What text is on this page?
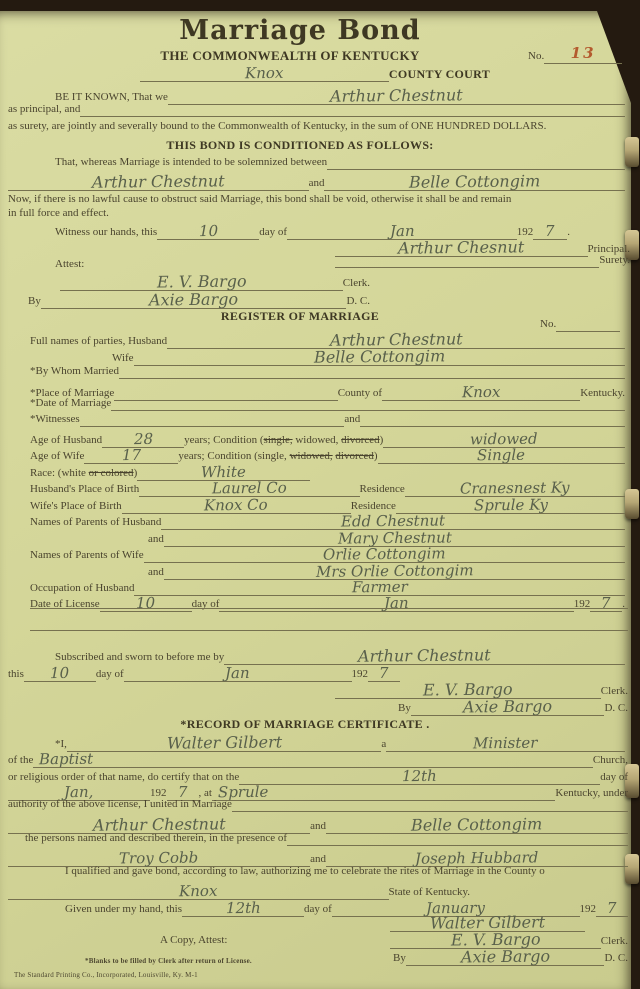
Marriage Bond
THE COMMONWEALTH OF KENTUCKY	No.	13
Knox	COUNTY COURT
BE IT KNOWN, That we	Arthur Chestnut
as principal, and
as surety, are jointly and severally bound to the Commonwealth of Kentucky, in the sum of ONE HUNDRED DOLLARS.
THIS BOND IS CONDITIONED AS FOLLOWS:
That, whereas Marriage is intended to be solemnized between
Arthur Chestnut	and	Belle Cottongim
Now, if there is no lawful cause to obstruct said Marriage, this bond shall be void, otherwise it shall be and remain
in full force and effect.
Witness our hands, this	10	day of	Jan	192 7	.
Arthur Chesnut	Principal.
Attest:	Surety.
E. V. Bargo	Clerk.
By	Axie Bargo	D. C.
REGISTER OF MARRIAGE
No.
Full names of parties, Husband	Arthur Chestnut
Wife	Belle Cottongim
*By Whom Married
*Place of Marriage	County of	Knox	Kentucky.
*Date of Marriage
*Witnesses	and
Age of Husband	28	years; Condition (single, widowed, divorced)	widowed
Age of Wife	17	years; Condition (single, widowed, divorced)	Single
Race: (white or colored)	White
Husband's Place of Birth	Laurel Co	Residence	Cranesnest Ky
Wife's Place of Birth	Knox Co	Residence	Sprule Ky
Names of Parents of Husband	Edd Chestnut
and	Mary Chestnut
Names of Parents of Wife	Orlie Cottongim
and	Mrs Orlie Cottongim
Occupation of Husband	Farmer
Date of License	10	day of	Jan	192 7	.
Subscribed and sworn to before me by	Arthur Chestnut
this	10	day of	Jan	192 7
E. V. Bargo	Clerk.
By	Axie Bargo	D. C.
*RECORD OF MARRIAGE CERTIFICATE .
*I,	Walter Gilbert	a	Minister
of the Baptist	Church,
or religious order of that name, do certify that on the	12th	day of
Jan,	192 7	, at Sprule	Kentucky, under
authority of the above license, I united in Marriage
Arthur Chestnut	and	Belle Cottongim
the persons named and described therein, in the presence of
Troy Cobb	and	Joseph Hubbard
I qualified and gave bond, according to law, authorizing me to celebrate the rites of Marriage in the County o
Knox	State of Kentucky.
Given under my hand, this	12th	day of	January	192 7
Walter Gilbert
A Copy, Attest:	E. V. Bargo	Clerk.
By	Axie Bargo	D. C.
*Blanks to be filled by Clerk after return of License.
The Standard Printing Co., Incorporated, Louisville, Ky. M-1
